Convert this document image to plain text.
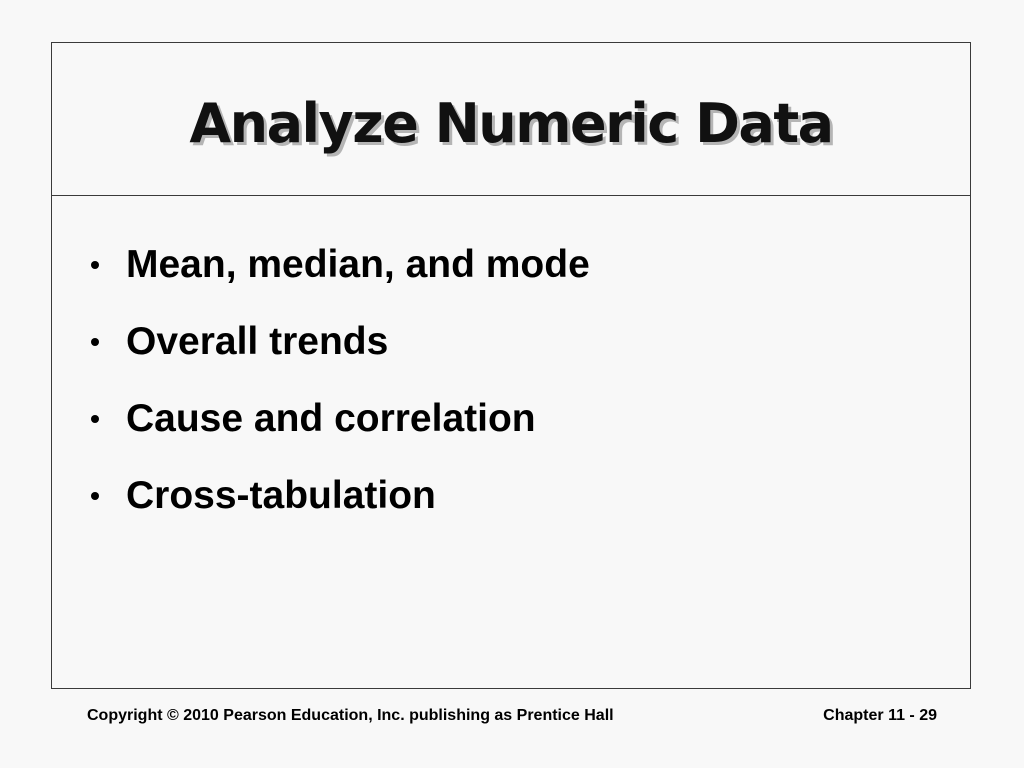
Analyze Numeric Data
Mean, median, and mode
Overall trends
Cause and correlation
Cross-tabulation
Copyright © 2010 Pearson Education, Inc. publishing as Prentice Hall	Chapter 11 - 29
